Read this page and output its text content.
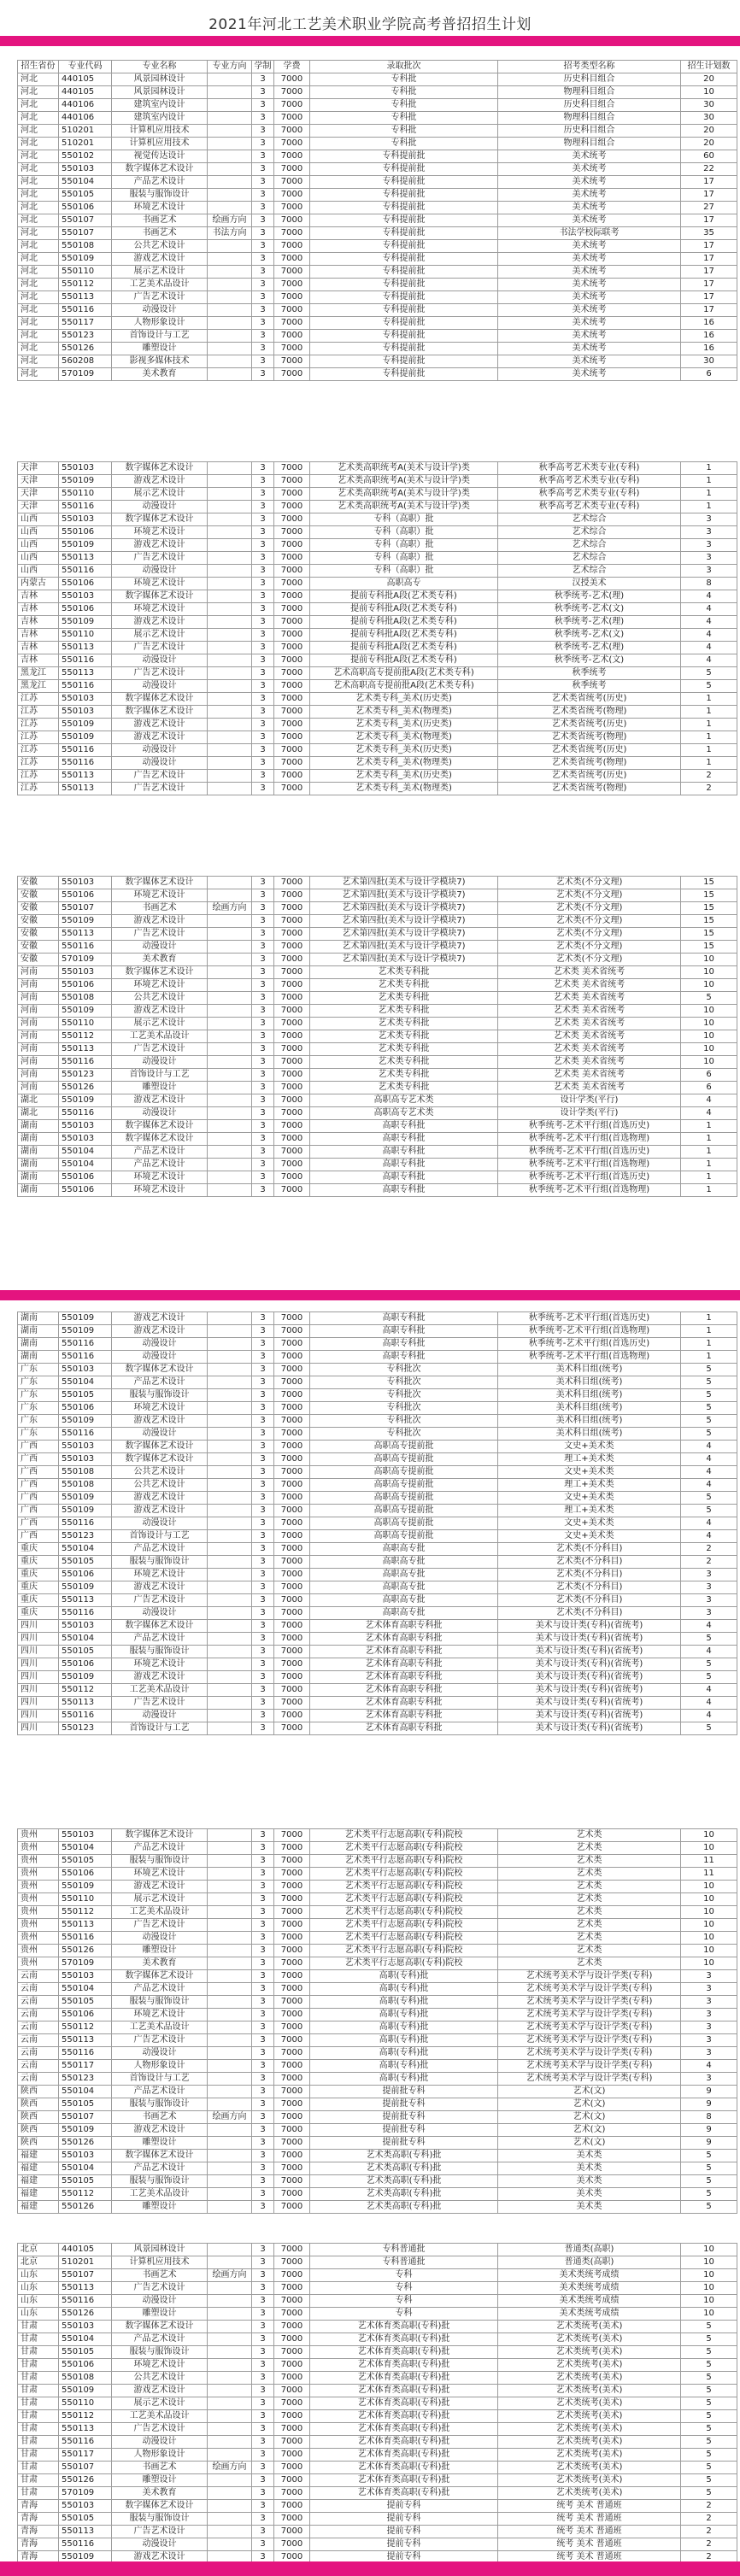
2021年河北工艺美术职业学院高考普招招生计划
招生省份	专业代码	专业名称	专业方向	学制	学费	录取批次	招考类型名称	招生计划数
河北	440105	风景园林设计		3	7000	专科批	历史科目组合	20
河北	440105	风景园林设计		3	7000	专科批	物理科目组合	10
河北	440106	建筑室内设计		3	7000	专科批	历史科目组合	30
河北	440106	建筑室内设计		3	7000	专科批	物理科目组合	30
河北	510201	计算机应用技术		3	7000	专科批	历史科目组合	20
河北	510201	计算机应用技术		3	7000	专科批	物理科目组合	20
河北	550102	视觉传达设计		3	7000	专科提前批	美术统考	60
河北	550103	数字媒体艺术设计		3	7000	专科提前批	美术统考	22
河北	550104	产品艺术设计		3	7000	专科提前批	美术统考	17
河北	550105	服装与服饰设计		3	7000	专科提前批	美术统考	17
河北	550106	环境艺术设计		3	7000	专科提前批	美术统考	27
河北	550107	书画艺术	绘画方向	3	7000	专科提前批	美术统考	17
河北	550107	书画艺术	书法方向	3	7000	专科提前批	书法学校际联考	35
河北	550108	公共艺术设计		3	7000	专科提前批	美术统考	17
河北	550109	游戏艺术设计		3	7000	专科提前批	美术统考	17
河北	550110	展示艺术设计		3	7000	专科提前批	美术统考	17
河北	550112	工艺美术品设计		3	7000	专科提前批	美术统考	17
河北	550113	广告艺术设计		3	7000	专科提前批	美术统考	17
河北	550116	动漫设计		3	7000	专科提前批	美术统考	17
河北	550117	人物形象设计		3	7000	专科提前批	美术统考	16
河北	550123	首饰设计与工艺		3	7000	专科提前批	美术统考	16
河北	550126	雕塑设计		3	7000	专科提前批	美术统考	16
河北	560208	影视多媒体技术		3	7000	专科提前批	美术统考	30
河北	570109	美术教育		3	7000	专科提前批	美术统考	6
天津	550103	数字媒体艺术设计		3	7000	艺术类高职统考A(美术与设计学)类	秋季高考艺术类专业(专科)	1
天津	550109	游戏艺术设计		3	7000	艺术类高职统考A(美术与设计学)类	秋季高考艺术类专业(专科)	1
天津	550110	展示艺术设计		3	7000	艺术类高职统考A(美术与设计学)类	秋季高考艺术类专业(专科)	1
天津	550116	动漫设计		3	7000	艺术类高职统考A(美术与设计学)类	秋季高考艺术类专业(专科)	1
山西	550103	数字媒体艺术设计		3	7000	专科（高职）批	艺术综合	3
山西	550106	环境艺术设计		3	7000	专科（高职）批	艺术综合	3
山西	550109	游戏艺术设计		3	7000	专科（高职）批	艺术综合	3
山西	550113	广告艺术设计		3	7000	专科（高职）批	艺术综合	3
山西	550116	动漫设计		3	7000	专科（高职）批	艺术综合	3
内蒙古	550106	环境艺术设计		3	7000	高职高专	汉授美术	8
吉林	550103	数字媒体艺术设计		3	7000	提前专科批A段(艺术类专科)	秋季统考-艺术(理)	4
吉林	550106	环境艺术设计		3	7000	提前专科批A段(艺术类专科)	秋季统考-艺术(文)	4
吉林	550109	游戏艺术设计		3	7000	提前专科批A段(艺术类专科)	秋季统考-艺术(理)	4
吉林	550110	展示艺术设计		3	7000	提前专科批A段(艺术类专科)	秋季统考-艺术(文)	4
吉林	550113	广告艺术设计		3	7000	提前专科批A段(艺术类专科)	秋季统考-艺术(理)	4
吉林	550116	动漫设计		3	7000	提前专科批A段(艺术类专科)	秋季统考-艺术(文)	4
黑龙江	550113	广告艺术设计		3	7000	艺术高职高专提前批A段(艺术类专科)	秋季统考	5
黑龙江	550116	动漫设计		3	7000	艺术高职高专提前批A段(艺术类专科)	秋季统考	5
江苏	550103	数字媒体艺术设计		3	7000	艺术类专科_美术(历史类)	艺术类省统考(历史)	1
江苏	550103	数字媒体艺术设计		3	7000	艺术类专科_美术(物理类)	艺术类省统考(物理)	1
江苏	550109	游戏艺术设计		3	7000	艺术类专科_美术(历史类)	艺术类省统考(历史)	1
江苏	550109	游戏艺术设计		3	7000	艺术类专科_美术(物理类)	艺术类省统考(物理)	1
江苏	550116	动漫设计		3	7000	艺术类专科_美术(历史类)	艺术类省统考(历史)	1
江苏	550116	动漫设计		3	7000	艺术类专科_美术(物理类)	艺术类省统考(物理)	1
江苏	550113	广告艺术设计		3	7000	艺术类专科_美术(历史类)	艺术类省统考(历史)	2
江苏	550113	广告艺术设计		3	7000	艺术类专科_美术(物理类)	艺术类省统考(物理)	2
安徽	550103	数字媒体艺术设计		3	7000	艺术第四批(美术与设计学模块7)	艺术类(不分文理)	15
安徽	550106	环境艺术设计		3	7000	艺术第四批(美术与设计学模块7)	艺术类(不分文理)	15
安徽	550107	书画艺术	绘画方向	3	7000	艺术第四批(美术与设计学模块7)	艺术类(不分文理)	15
安徽	550109	游戏艺术设计		3	7000	艺术第四批(美术与设计学模块7)	艺术类(不分文理)	15
安徽	550113	广告艺术设计		3	7000	艺术第四批(美术与设计学模块7)	艺术类(不分文理)	15
安徽	550116	动漫设计		3	7000	艺术第四批(美术与设计学模块7)	艺术类(不分文理)	15
安徽	570109	美术教育		3	7000	艺术第四批(美术与设计学模块7)	艺术类(不分文理)	10
河南	550103	数字媒体艺术设计		3	7000	艺术类专科批	艺术类 美术省统考	10
河南	550106	环境艺术设计		3	7000	艺术类专科批	艺术类 美术省统考	10
河南	550108	公共艺术设计		3	7000	艺术类专科批	艺术类 美术省统考	5
河南	550109	游戏艺术设计		3	7000	艺术类专科批	艺术类 美术省统考	10
河南	550110	展示艺术设计		3	7000	艺术类专科批	艺术类 美术省统考	10
河南	550112	工艺美术品设计		3	7000	艺术类专科批	艺术类 美术省统考	10
河南	550113	广告艺术设计		3	7000	艺术类专科批	艺术类 美术省统考	10
河南	550116	动漫设计		3	7000	艺术类专科批	艺术类 美术省统考	10
河南	550123	首饰设计与工艺		3	7000	艺术类专科批	艺术类 美术省统考	6
河南	550126	雕塑设计		3	7000	艺术类专科批	艺术类 美术省统考	6
湖北	550109	游戏艺术设计		3	7000	高职高专艺术类	设计学类(平行)	4
湖北	550116	动漫设计		3	7000	高职高专艺术类	设计学类(平行)	4
湖南	550103	数字媒体艺术设计		3	7000	高职专科批	秋季统考-艺术平行组(首选历史)	1
湖南	550103	数字媒体艺术设计		3	7000	高职专科批	秋季统考-艺术平行组(首选物理)	1
湖南	550104	产品艺术设计		3	7000	高职专科批	秋季统考-艺术平行组(首选历史)	1
湖南	550104	产品艺术设计		3	7000	高职专科批	秋季统考-艺术平行组(首选物理)	1
湖南	550106	环境艺术设计		3	7000	高职专科批	秋季统考-艺术平行组(首选历史)	1
湖南	550106	环境艺术设计		3	7000	高职专科批	秋季统考-艺术平行组(首选物理)	1
湖南	550109	游戏艺术设计		3	7000	高职专科批	秋季统考-艺术平行组(首选历史)	1
湖南	550109	游戏艺术设计		3	7000	高职专科批	秋季统考-艺术平行组(首选物理)	1
湖南	550116	动漫设计		3	7000	高职专科批	秋季统考-艺术平行组(首选历史)	1
湖南	550116	动漫设计		3	7000	高职专科批	秋季统考-艺术平行组(首选物理)	1
广东	550103	数字媒体艺术设计		3	7000	专科批次	美术科目组(统考)	5
广东	550104	产品艺术设计		3	7000	专科批次	美术科目组(统考)	5
广东	550105	服装与服饰设计		3	7000	专科批次	美术科目组(统考)	5
广东	550106	环境艺术设计		3	7000	专科批次	美术科目组(统考)	5
广东	550109	游戏艺术设计		3	7000	专科批次	美术科目组(统考)	5
广东	550116	动漫设计		3	7000	专科批次	美术科目组(统考)	5
广西	550103	数字媒体艺术设计		3	7000	高职高专提前批	文史+美术类	4
广西	550103	数字媒体艺术设计		3	7000	高职高专提前批	理工+美术类	4
广西	550108	公共艺术设计		3	7000	高职高专提前批	文史+美术类	4
广西	550108	公共艺术设计		3	7000	高职高专提前批	理工+美术类	4
广西	550109	游戏艺术设计		3	7000	高职高专提前批	文史+美术类	5
广西	550109	游戏艺术设计		3	7000	高职高专提前批	理工+美术类	5
广西	550116	动漫设计		3	7000	高职高专提前批	文史+美术类	4
广西	550123	首饰设计与工艺		3	7000	高职高专提前批	文史+美术类	4
重庆	550104	产品艺术设计		3	7000	高职高专批	艺术类(不分科目)	2
重庆	550105	服装与服饰设计		3	7000	高职高专批	艺术类(不分科目)	2
重庆	550106	环境艺术设计		3	7000	高职高专批	艺术类(不分科目)	3
重庆	550109	游戏艺术设计		3	7000	高职高专批	艺术类(不分科目)	3
重庆	550113	广告艺术设计		3	7000	高职高专批	艺术类(不分科目)	3
重庆	550116	动漫设计		3	7000	高职高专批	艺术类(不分科目)	3
四川	550103	数字媒体艺术设计		3	7000	艺术体育高职专科批	美术与设计类(专科)(省统考)	4
四川	550104	产品艺术设计		3	7000	艺术体育高职专科批	美术与设计类(专科)(省统考)	5
四川	550105	服装与服饰设计		3	7000	艺术体育高职专科批	美术与设计类(专科)(省统考)	4
四川	550106	环境艺术设计		3	7000	艺术体育高职专科批	美术与设计类(专科)(省统考)	5
四川	550109	游戏艺术设计		3	7000	艺术体育高职专科批	美术与设计类(专科)(省统考)	5
四川	550112	工艺美术品设计		3	7000	艺术体育高职专科批	美术与设计类(专科)(省统考)	4
四川	550113	广告艺术设计		3	7000	艺术体育高职专科批	美术与设计类(专科)(省统考)	4
四川	550116	动漫设计		3	7000	艺术体育高职专科批	美术与设计类(专科)(省统考)	4
四川	550123	首饰设计与工艺		3	7000	艺术体育高职专科批	美术与设计类(专科)(省统考)	5
贵州	550103	数字媒体艺术设计		3	7000	艺术类平行志愿高职(专科)院校	艺术类	10
贵州	550104	产品艺术设计		3	7000	艺术类平行志愿高职(专科)院校	艺术类	10
贵州	550105	服装与服饰设计		3	7000	艺术类平行志愿高职(专科)院校	艺术类	11
贵州	550106	环境艺术设计		3	7000	艺术类平行志愿高职(专科)院校	艺术类	11
贵州	550109	游戏艺术设计		3	7000	艺术类平行志愿高职(专科)院校	艺术类	10
贵州	550110	展示艺术设计		3	7000	艺术类平行志愿高职(专科)院校	艺术类	10
贵州	550112	工艺美术品设计		3	7000	艺术类平行志愿高职(专科)院校	艺术类	10
贵州	550113	广告艺术设计		3	7000	艺术类平行志愿高职(专科)院校	艺术类	10
贵州	550116	动漫设计		3	7000	艺术类平行志愿高职(专科)院校	艺术类	10
贵州	550126	雕塑设计		3	7000	艺术类平行志愿高职(专科)院校	艺术类	10
贵州	570109	美术教育		3	7000	艺术类平行志愿高职(专科)院校	艺术类	10
云南	550103	数字媒体艺术设计		3	7000	高职(专科)批	艺术统考美术学与设计学类(专科)	3
云南	550104	产品艺术设计		3	7000	高职(专科)批	艺术统考美术学与设计学类(专科)	3
云南	550105	服装与服饰设计		3	7000	高职(专科)批	艺术统考美术学与设计学类(专科)	3
云南	550106	环境艺术设计		3	7000	高职(专科)批	艺术统考美术学与设计学类(专科)	3
云南	550112	工艺美术品设计		3	7000	高职(专科)批	艺术统考美术学与设计学类(专科)	3
云南	550113	广告艺术设计		3	7000	高职(专科)批	艺术统考美术学与设计学类(专科)	3
云南	550116	动漫设计		3	7000	高职(专科)批	艺术统考美术学与设计学类(专科)	3
云南	550117	人物形象设计		3	7000	高职(专科)批	艺术统考美术学与设计学类(专科)	4
云南	550123	首饰设计与工艺		3	7000	高职(专科)批	艺术统考美术学与设计学类(专科)	3
陕西	550104	产品艺术设计		3	7000	提前批专科	艺术(文)	9
陕西	550105	服装与服饰设计		3	7000	提前批专科	艺术(文)	9
陕西	550107	书画艺术	绘画方向	3	7000	提前批专科	艺术(文)	8
陕西	550109	游戏艺术设计		3	7000	提前批专科	艺术(文)	9
陕西	550126	雕塑设计		3	7000	提前批专科	艺术(文)	9
福建	550103	数字媒体艺术设计		3	7000	艺术类高职(专科)批	美术类	5
福建	550104	产品艺术设计		3	7000	艺术类高职(专科)批	美术类	5
福建	550105	服装与服饰设计		3	7000	艺术类高职(专科)批	美术类	5
福建	550112	工艺美术品设计		3	7000	艺术类高职(专科)批	美术类	5
福建	550126	雕塑设计		3	7000	艺术类高职(专科)批	美术类	5
北京	440105	风景园林设计		3	7000	专科普通批	普通类(高职)	10
北京	510201	计算机应用技术		3	7000	专科普通批	普通类(高职)	10
山东	550107	书画艺术	绘画方向	3	7000	专科	美术类统考成绩	10
山东	550113	广告艺术设计		3	7000	专科	美术类统考成绩	10
山东	550116	动漫设计		3	7000	专科	美术类统考成绩	10
山东	550126	雕塑设计		3	7000	专科	美术类统考成绩	10
甘肃	550103	数字媒体艺术设计		3	7000	艺术体育类高职(专科)批	艺术类统考(美术)	5
甘肃	550104	产品艺术设计		3	7000	艺术体育类高职(专科)批	艺术类统考(美术)	5
甘肃	550105	服装与服饰设计		3	7000	艺术体育类高职(专科)批	艺术类统考(美术)	5
甘肃	550106	环境艺术设计		3	7000	艺术体育类高职(专科)批	艺术类统考(美术)	5
甘肃	550108	公共艺术设计		3	7000	艺术体育类高职(专科)批	艺术类统考(美术)	5
甘肃	550109	游戏艺术设计		3	7000	艺术体育类高职(专科)批	艺术类统考(美术)	5
甘肃	550110	展示艺术设计		3	7000	艺术体育类高职(专科)批	艺术类统考(美术)	5
甘肃	550112	工艺美术品设计		3	7000	艺术体育类高职(专科)批	艺术类统考(美术)	5
甘肃	550113	广告艺术设计		3	7000	艺术体育类高职(专科)批	艺术类统考(美术)	5
甘肃	550116	动漫设计		3	7000	艺术体育类高职(专科)批	艺术类统考(美术)	5
甘肃	550117	人物形象设计		3	7000	艺术体育类高职(专科)批	艺术类统考(美术)	5
甘肃	550107	书画艺术	绘画方向	3	7000	艺术体育类高职(专科)批	艺术类统考(美术)	5
甘肃	550126	雕塑设计		3	7000	艺术体育类高职(专科)批	艺术类统考(美术)	5
甘肃	570109	美术教育		3	7000	艺术体育类高职(专科)批	艺术类统考(美术)	5
青海	550103	数字媒体艺术设计		3	7000	提前专科	统考 美术 普通班	2
青海	550105	服装与服饰设计		3	7000	提前专科	统考 美术 普通班	2
青海	550113	广告艺术设计		3	7000	提前专科	统考 美术 普通班	2
青海	550116	动漫设计		3	7000	提前专科	统考 美术 普通班	2
青海	550109	游戏艺术设计		3	7000	提前专科	统考 美术 普通班	2
